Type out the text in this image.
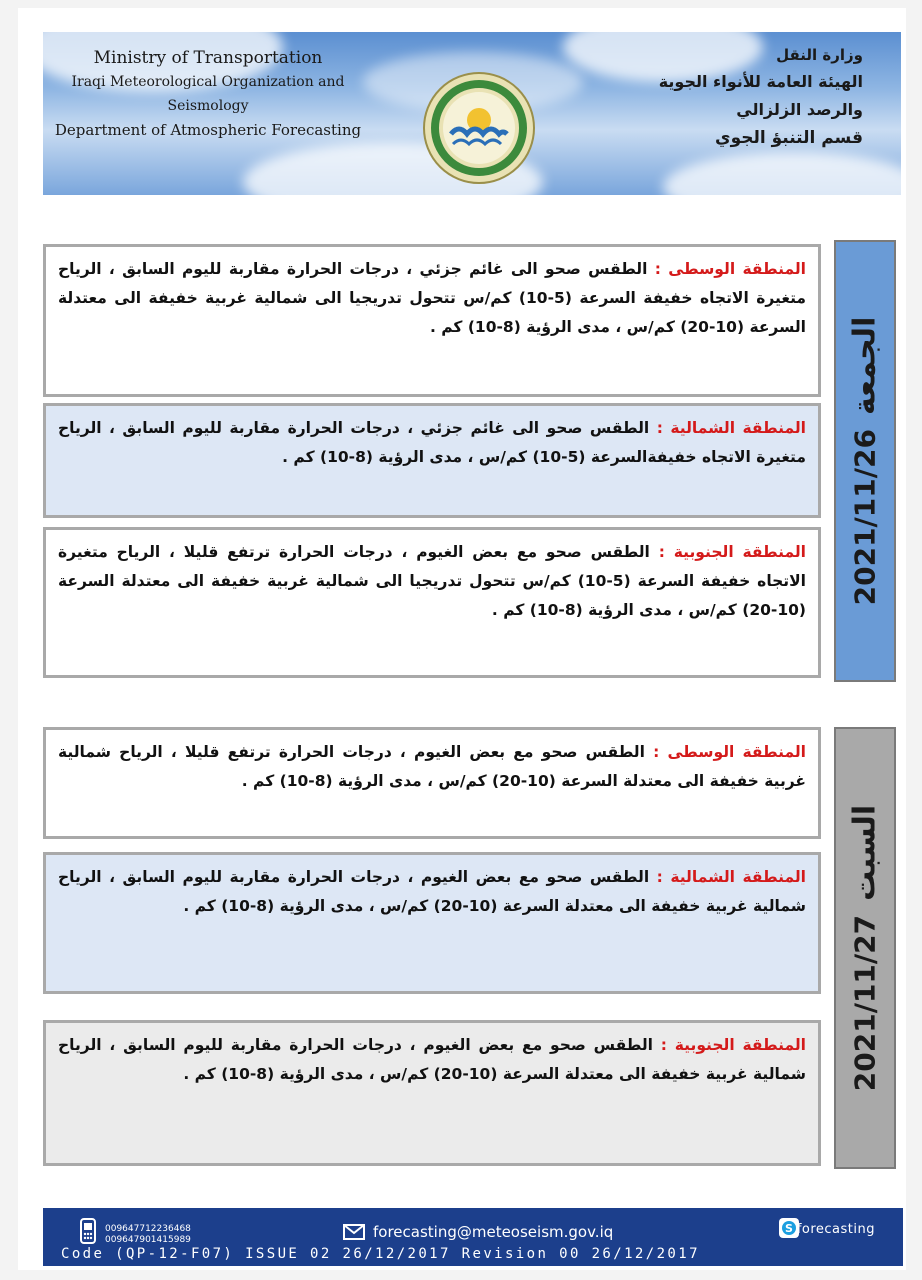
Ministry of Transportation
Iraqi Meteorological Organization and Seismology
Department of Atmospheric Forecasting
وزارة النقل
الهيئة العامة للأنواء الجوية والرصد الزلزالي
قسم التنبؤ الجوي
المنطقة الوسطى : الطقس صحو الى غائم جزئي ، درجات الحرارة مقاربة لليوم السابق ، الرياح متغيرة الاتجاه خفيفة السرعة (5-10) كم/س تتحول تدريجيا الى شمالية غربية خفيفة الى معتدلة السرعة (10-20) كم/س ، مدى الرؤية (8-10) كم .
المنطقة الشمالية : الطقس صحو الى غائم جزئي ، درجات الحرارة مقاربة لليوم السابق ، الرياح متغيرة الاتجاه خفيفةالسرعة (5-10) كم/س ، مدى الرؤية (8-10) كم .
المنطقة الجنوبية : الطقس صحو مع بعض الغيوم ، درجات الحرارة ترتفع قليلا ، الرياح متغيرة الاتجاه خفيفة السرعة (5-10) كم/س تتحول تدريجيا الى شمالية غربية خفيفة الى معتدلة السرعة (10-20) كم/س ، مدى الرؤية (8-10) كم .
2021/11/26الجمعة
المنطقة الوسطى : الطقس صحو مع بعض الغيوم ، درجات الحرارة ترتفع قليلا ، الرياح شمالية غربية خفيفة الى معتدلة السرعة (10-20) كم/س ، مدى الرؤية (8-10) كم .
المنطقة الشمالية : الطقس صحو مع بعض الغيوم ، درجات الحرارة مقاربة لليوم السابق ، الرياح شمالية غربية خفيفة الى معتدلة السرعة (10-20) كم/س ، مدى الرؤية (8-10) كم .
المنطقة الجنوبية : الطقس صحو مع بعض الغيوم ، درجات الحرارة مقاربة لليوم السابق ، الرياح شمالية غربية خفيفة الى معتدلة السرعة (10-20) كم/س ، مدى الرؤية (8-10) كم .	2021/11/27السبت
009647712236468
009647901415989	forecasting@meteoseism.gov.iq	S forecasting
Code (QP-12-F07) ISSUE 02 26/12/2017 Revision 00 26/12/2017
